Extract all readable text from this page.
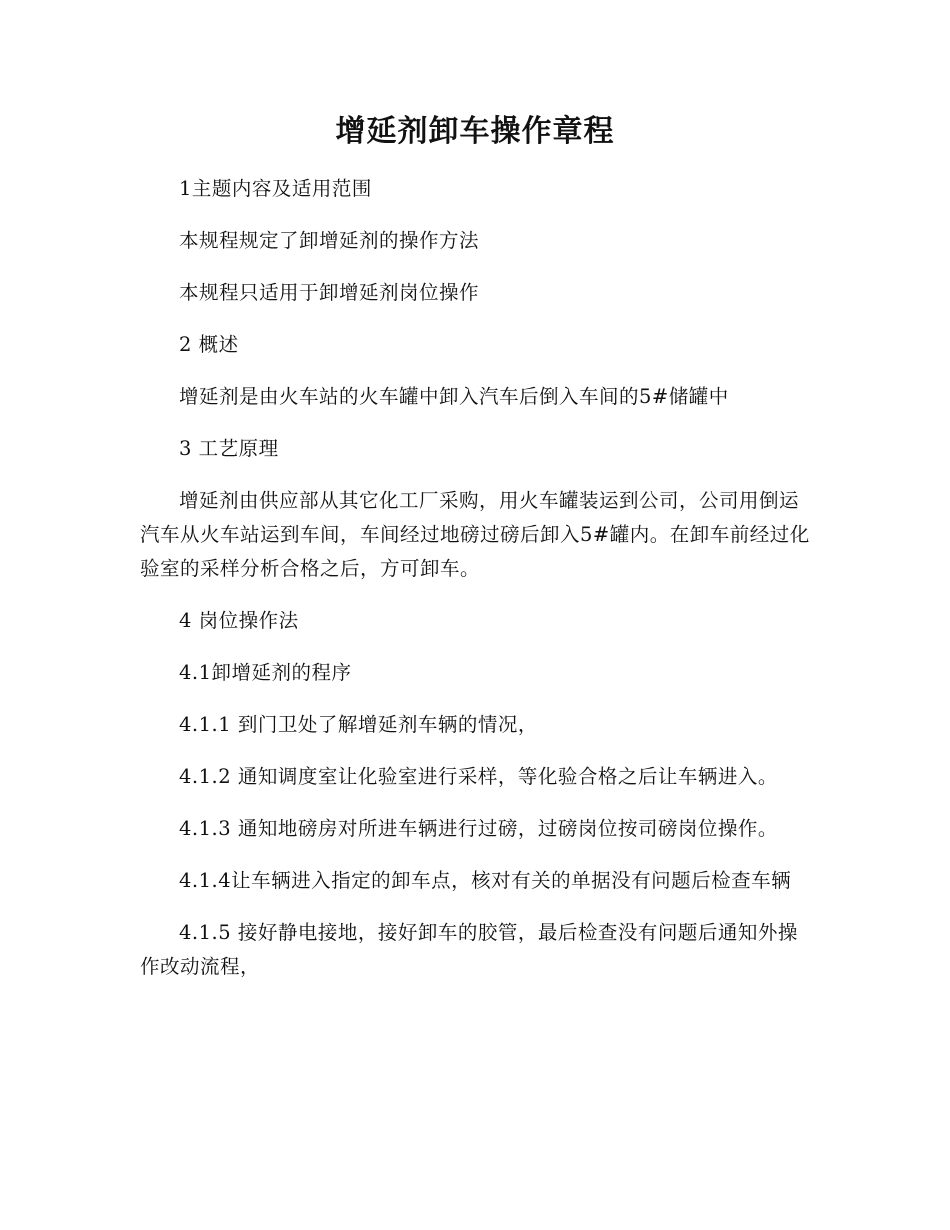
增延剂卸车操作章程

1主题内容及适用范围

本规程规定了卸增延剂的操作方法

本规程只适用于卸增延剂岗位操作

2 概述

增延剂是由火车站的火车罐中卸入汽车后倒入车间的5#储罐中

3 工艺原理

增延剂由供应部从其它化工厂采购，用火车罐装运到公司，公司用倒运汽车从火车站运到车间，车间经过地磅过磅后卸入5#罐内。在卸车前经过化验室的采样分析合格之后，方可卸车。

4 岗位操作法

4.1卸增延剂的程序

4.1.1 到门卫处了解增延剂车辆的情况，

4.1.2 通知调度室让化验室进行采样，等化验合格之后让车辆进入。

4.1.3 通知地磅房对所进车辆进行过磅，过磅岗位按司磅岗位操作。

4.1.4让车辆进入指定的卸车点，核对有关的单据没有问题后检查车辆

4.1.5 接好静电接地，接好卸车的胶管，最后检查没有问题后通知外操作改动流程，
